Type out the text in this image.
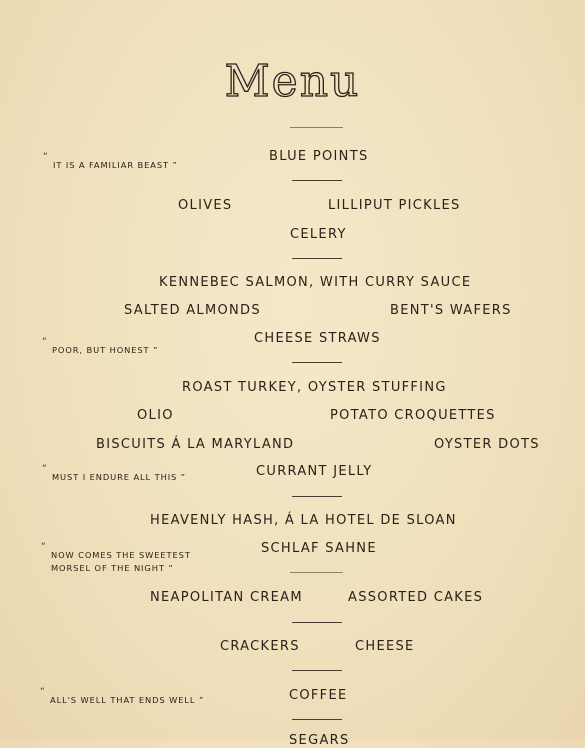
Menu
“
IT IS A FAMILIAR BEAST ”
BLUE POINTS
OLIVES	LILLIPUT PICKLES
CELERY
KENNEBEC SALMON, WITH CURRY SAUCE
SALTED ALMONDS	BENT'S WAFERS
“
POOR, BUT HONEST ”
CHEESE STRAWS
ROAST TURKEY, OYSTER STUFFING
OLIO	POTATO CROQUETTES
BISCUITS Á LA MARYLAND	OYSTER DOTS
“
MUST I ENDURE ALL THIS ”	CURRANT JELLY
HEAVENLY HASH, Á LA HOTEL DE SLOAN
“
NOW COMES THE SWEETEST
MORSEL OF THE NIGHT ”
SCHLAF SAHNE
NEAPOLITAN CREAM	ASSORTED CAKES
CRACKERS	CHEESE
“
ALL'S WELL THAT ENDS WELL ”	COFFEE
SEGARS
